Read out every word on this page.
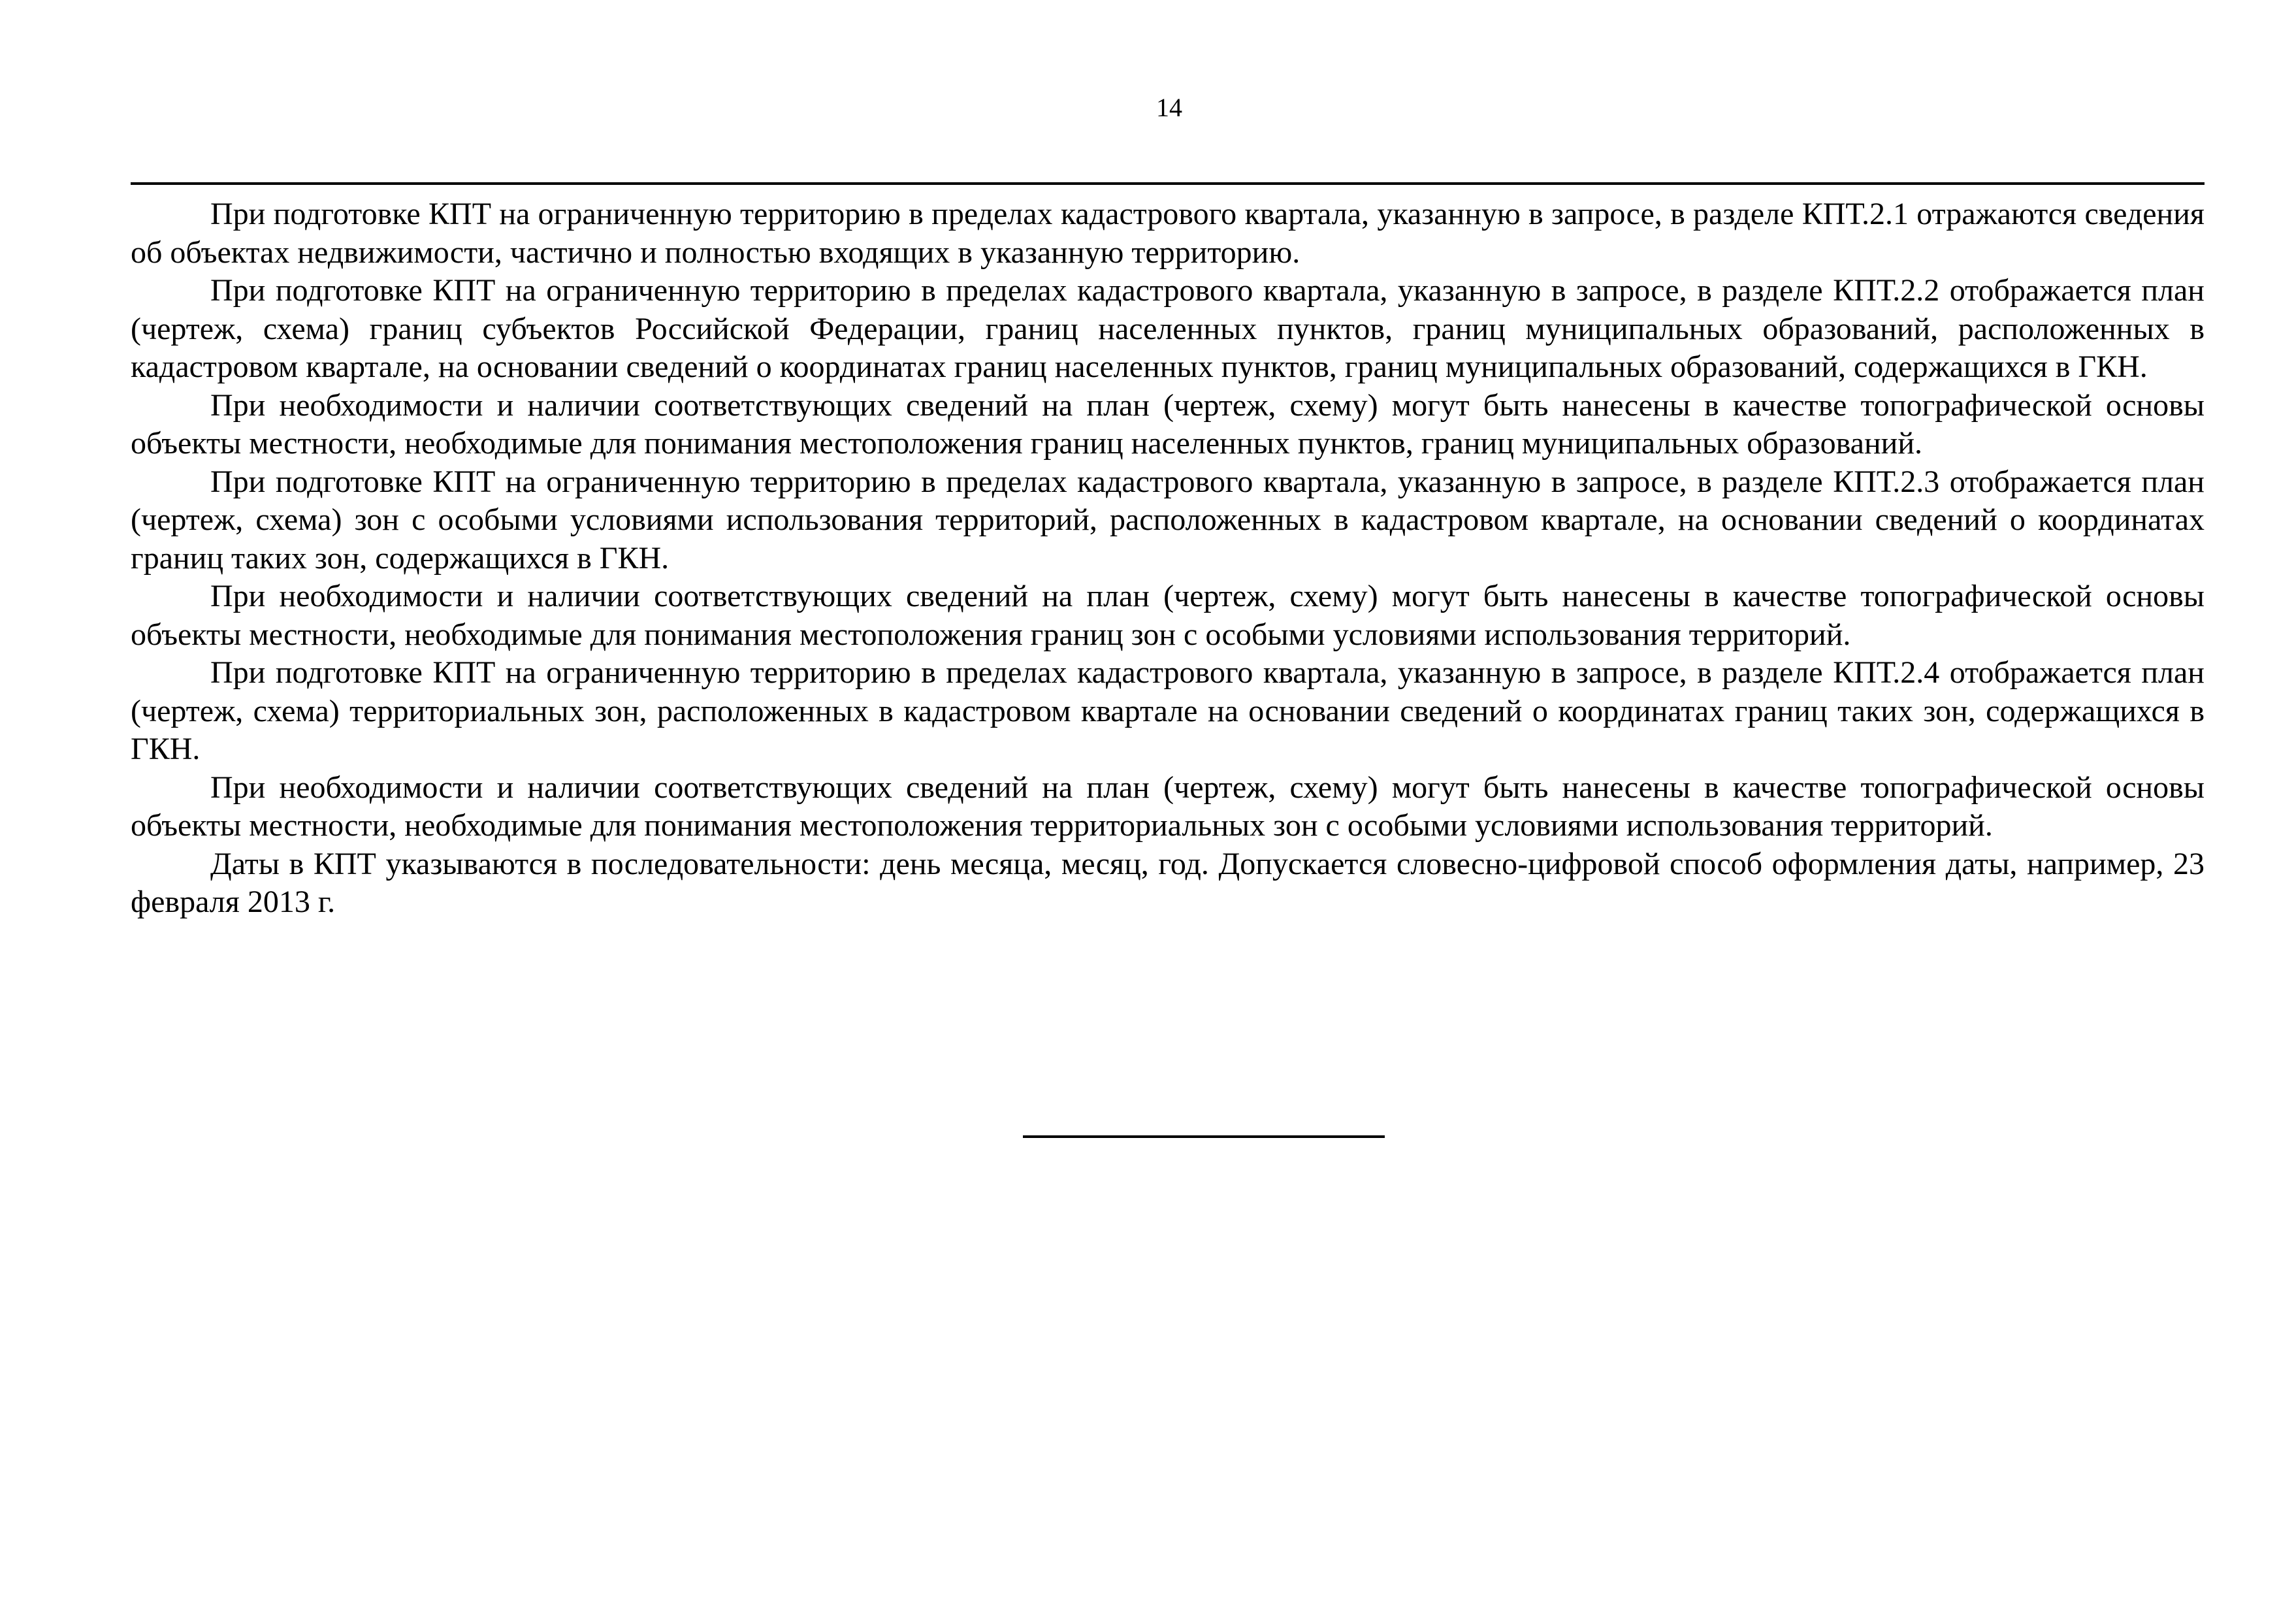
14

При подготовке КПТ на ограниченную территорию в пределах кадастрового квартала, указанную в запросе, в разделе КПТ.2.1 отражаются сведения об объектах недвижимости, частично и полностью входящих в указанную территорию.

При подготовке КПТ на ограниченную территорию в пределах кадастрового квартала, указанную в запросе, в разделе КПТ.2.2 отображается план (чертеж, схема) границ субъектов Российской Федерации, границ населенных пунктов, границ муниципальных образований, расположенных в кадастровом квартале, на основании сведений о координатах границ населенных пунктов, границ муниципальных образований, содержащихся в ГКН.

При необходимости и наличии соответствующих сведений на план (чертеж, схему) могут быть нанесены в качестве топографической основы объекты местности, необходимые для понимания местоположения границ населенных пунктов, границ муниципальных образований.

При подготовке КПТ на ограниченную территорию в пределах кадастрового квартала, указанную в запросе, в разделе КПТ.2.3 отображается план (чертеж, схема) зон с особыми условиями использования территорий, расположенных в кадастровом квартале, на основании сведений о координатах границ таких зон, содержащихся в ГКН.

При необходимости и наличии соответствующих сведений на план (чертеж, схему) могут быть нанесены в качестве топографической основы объекты местности, необходимые для понимания местоположения границ зон с особыми условиями использования территорий.

При подготовке КПТ на ограниченную территорию в пределах кадастрового квартала, указанную в запросе, в разделе КПТ.2.4 отображается план (чертеж, схема) территориальных зон, расположенных в кадастровом квартале на основании сведений о координатах границ таких зон, содержащихся в ГКН.

При необходимости и наличии соответствующих сведений на план (чертеж, схему) могут быть нанесены в качестве топографической основы объекты местности, необходимые для понимания местоположения территориальных зон с особыми условиями использования территорий.

Даты в КПТ указываются в последовательности: день месяца, месяц, год. Допускается словесно-цифровой способ оформления даты, например, 23 февраля 2013 г.
